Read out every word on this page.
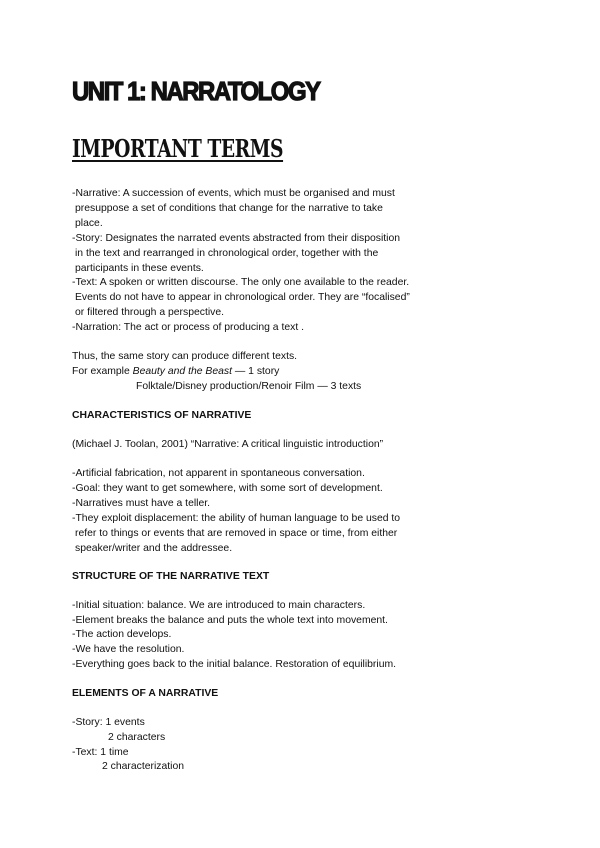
UNIT 1: NARRATOLOGY
IMPORTANT TERMS

-Narrative: A succession of events, which must be organised and must

presuppose a set of conditions that change for the narrative to take

place.

-Story: Designates the narrated events abstracted from their disposition

in the text and rearranged in chronological order, together with the

participants in these events.

-Text: A spoken or written discourse. The only one available to the reader.

Events do not have to appear in chronological order. They are “focalised”

or filtered through a perspective.

-Narration: The act or process of producing a text .

Thus, the same story can produce different texts.

For example Beauty and the Beast — 1 story

Folktale/Disney production/Renoir Film — 3 texts

CHARACTERISTICS OF NARRATIVE

(Michael J. Toolan, 2001) “Narrative: A critical linguistic introduction”

-Artificial fabrication, not apparent in spontaneous conversation.

-Goal: they want to get somewhere, with some sort of development.

-Narratives must have a teller.

-They exploit displacement: the ability of human language to be used to

refer to things or events that are removed in space or time, from either

speaker/writer and the addressee.

STRUCTURE OF THE NARRATIVE TEXT

-Initial situation: balance. We are introduced to main characters.

-Element breaks the balance and puts the whole text into movement.

-The action develops.

-We have the resolution.

-Everything goes back to the initial balance. Restoration of equilibrium.

ELEMENTS OF A NARRATIVE

-Story: 1 events

2 characters

-Text: 1 time

2 characterization
